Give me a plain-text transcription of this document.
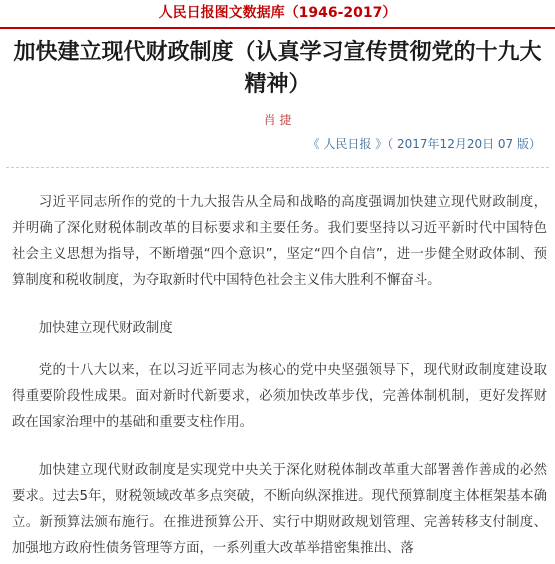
人民日报图文数据库（1946-2017）
加快建立现代财政制度（认真学习宣传贯彻党的十九大精神）
肖 捷
《 人民日报 》（ 2017年12月20日 07 版）

习近平同志所作的党的十九大报告从全局和战略的高度强调加快建立现代财政制度，并明确了深化财税体制改革的目标要求和主要任务。我们要坚持以习近平新时代中国特色社会主义思想为指导，不断增强“四个意识”，坚定“四个自信”，进一步健全财政体制、预算制度和税收制度，为夺取新时代中国特色社会主义伟大胜利不懈奋斗。

加快建立现代财政制度

党的十八大以来，在以习近平同志为核心的党中央坚强领导下，现代财政制度建设取得重要阶段性成果。面对新时代新要求，必须加快改革步伐，完善体制机制，更好发挥财政在国家治理中的基础和重要支柱作用。

加快建立现代财政制度是实现党中央关于深化财税体制改革重大部署善作善成的必然要求。过去5年，财税领域改革多点突破，不断向纵深推进。现代预算制度主体框架基本确立。新预算法颁布施行。在推进预算公开、实行中期财政规划管理、完善转移支付制度、加强地方政府性债务管理等方面，一系列重大改革举措密集推出、落
